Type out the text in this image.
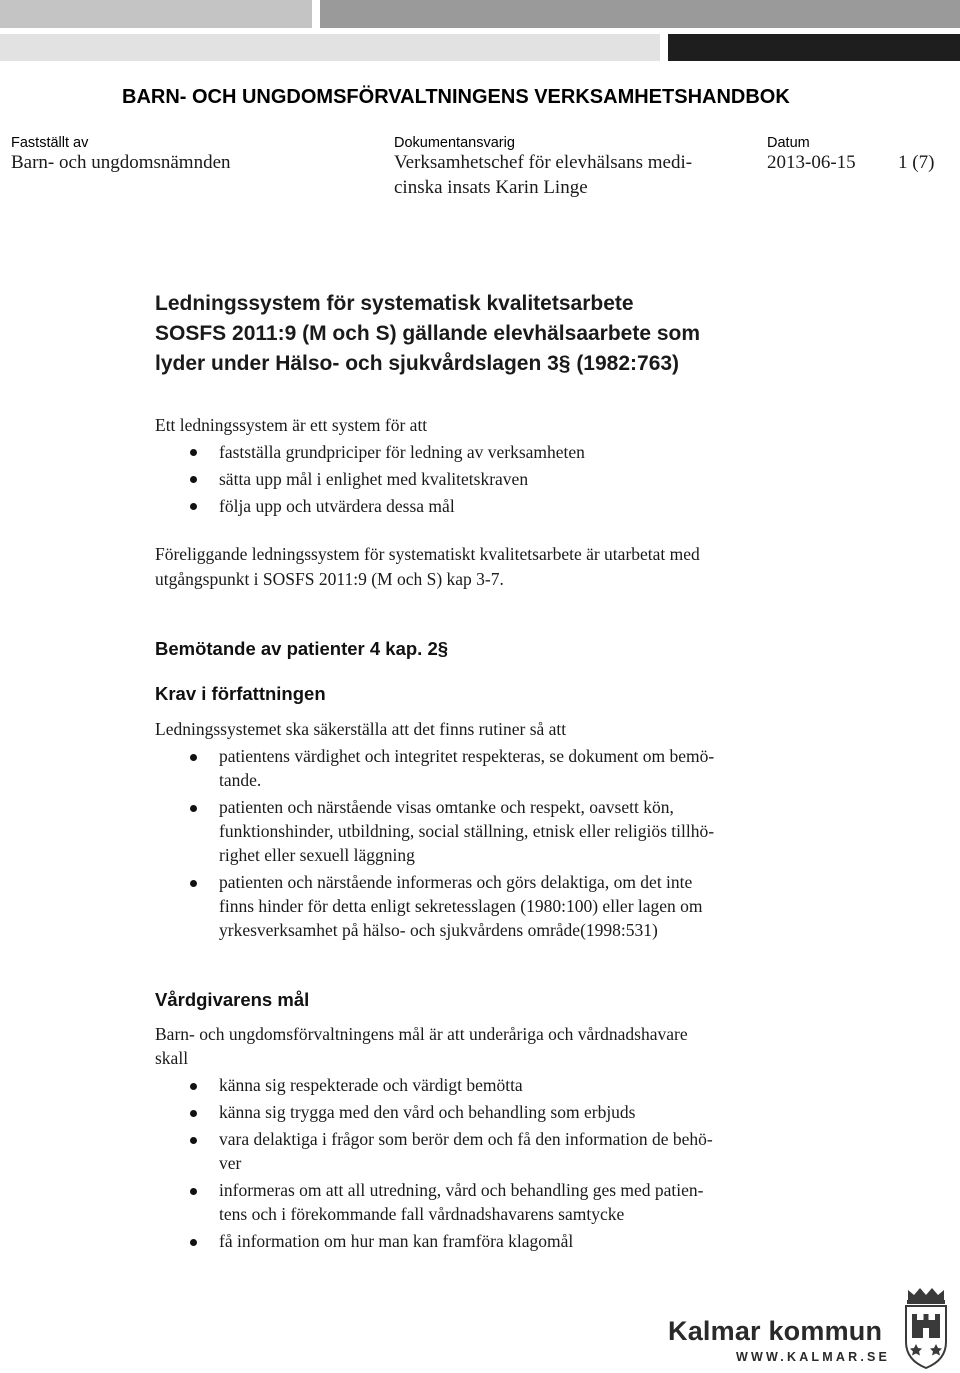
BARN- OCH UNGDOMSFÖRVALTNINGENS VERKSAMHETSHANDBOK
Fastställt av
Barn- och ungdomsnämnden
Dokumentansvarig
Verksamhetschef för elevhälsans medi-
cinska insats Karin Linge
Datum
2013-06-15 1 (7)
Ledningssystem för systematisk kvalitetsarbete
SOSFS 2011:9 (M och S) gällande elevhälsaarbete som
lyder under Hälso- och sjukvårdslagen 3§ (1982:763)
Ett ledningssystem är ett system för att
fastställa grundpriciper för ledning av verksamheten
sätta upp mål i enlighet med kvalitetskraven
följa upp och utvärdera dessa mål
Föreliggande ledningssystem för systematiskt kvalitetsarbete är utarbetat med
utgångspunkt i SOSFS 2011:9 (M och S) kap 3-7.
Bemötande av patienter 4 kap. 2§
Krav i författningen
Ledningssystemet ska säkerställa att det finns rutiner så att
patientens värdighet och integritet respekteras, se dokument om bemö-
tande.
patienten och närstående visas omtanke och respekt, oavsett kön,
funktionshinder, utbildning, social ställning, etnisk eller religiös tillhö-
righet eller sexuell läggning
patienten och närstående informeras och görs delaktiga, om det inte
finns hinder för detta enligt sekretesslagen (1980:100) eller lagen om
yrkesverksamhet på hälso- och sjukvårdens område(1998:531)
Vårdgivarens mål
Barn- och ungdomsförvaltningens mål är att underåriga och vårdnadshavare
skall
känna sig respekterade och värdigt bemötta
känna sig trygga med den vård och behandling som erbjuds
vara delaktiga i frågor som berör dem och få den information de behö-
ver
informeras om att all utredning, vård och behandling ges med patien-
tens och i förekommande fall vårdnadshavarens samtycke
få information om hur man kan framföra klagomål
Kalmar kommun
WWW.KALMAR.SE
